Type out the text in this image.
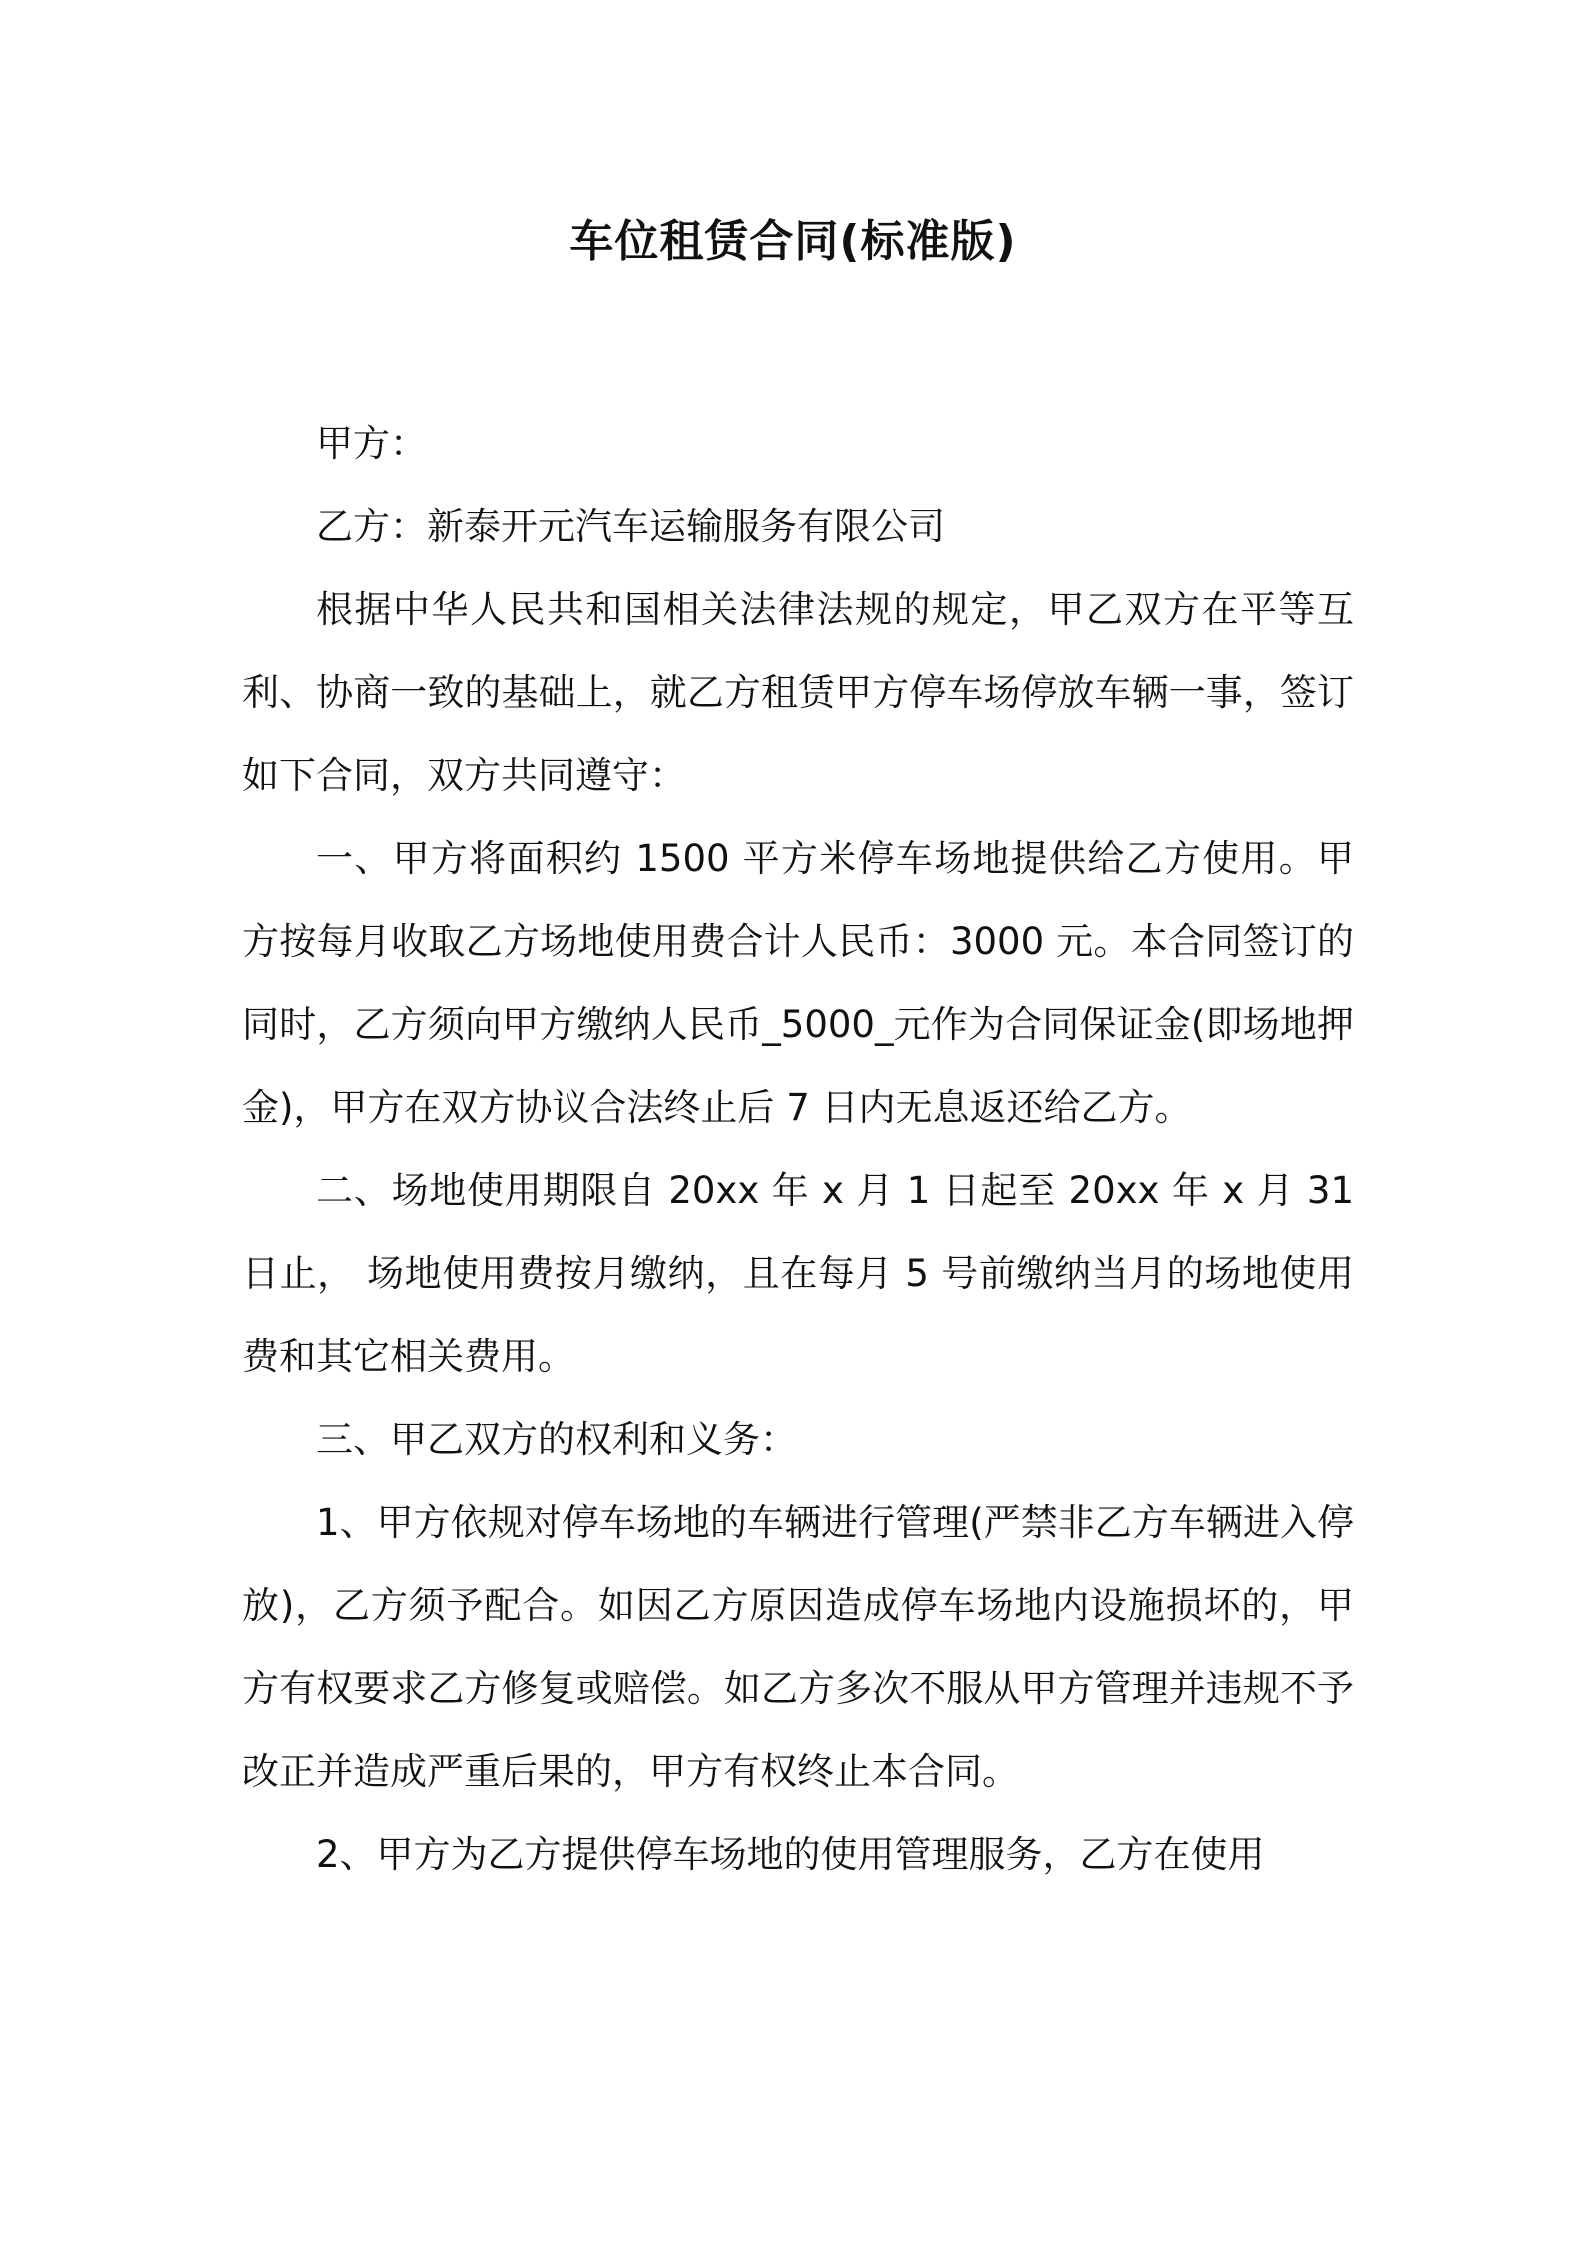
车位租赁合同(标准版)

甲方：

乙方：新泰开元汽车运输服务有限公司

根据中华人民共和国相关法律法规的规定，甲乙双方在平等互利、协商一致的基础上，就乙方租赁甲方停车场停放车辆一事，签订如下合同，双方共同遵守：

一、甲方将面积约 1500 平方米停车场地提供给乙方使用。甲方按每月收取乙方场地使用费合计人民币：3000 元。本合同签订的同时，乙方须向甲方缴纳人民币_5000_元作为合同保证金(即场地押金)，甲方在双方协议合法终止后 7 日内无息返还给乙方。

二、场地使用期限自 20xx 年 x 月 1 日起至 20xx 年 x 月 31 日止， 场地使用费按月缴纳，且在每月 5 号前缴纳当月的场地使用费和其它相关费用。

三、甲乙双方的权利和义务：

1、甲方依规对停车场地的车辆进行管理(严禁非乙方车辆进入停放)，乙方须予配合。如因乙方原因造成停车场地内设施损坏的，甲方有权要求乙方修复或赔偿。如乙方多次不服从甲方管理并违规不予改正并造成严重后果的，甲方有权终止本合同。

2、甲方为乙方提供停车场地的使用管理服务，乙方在使用
